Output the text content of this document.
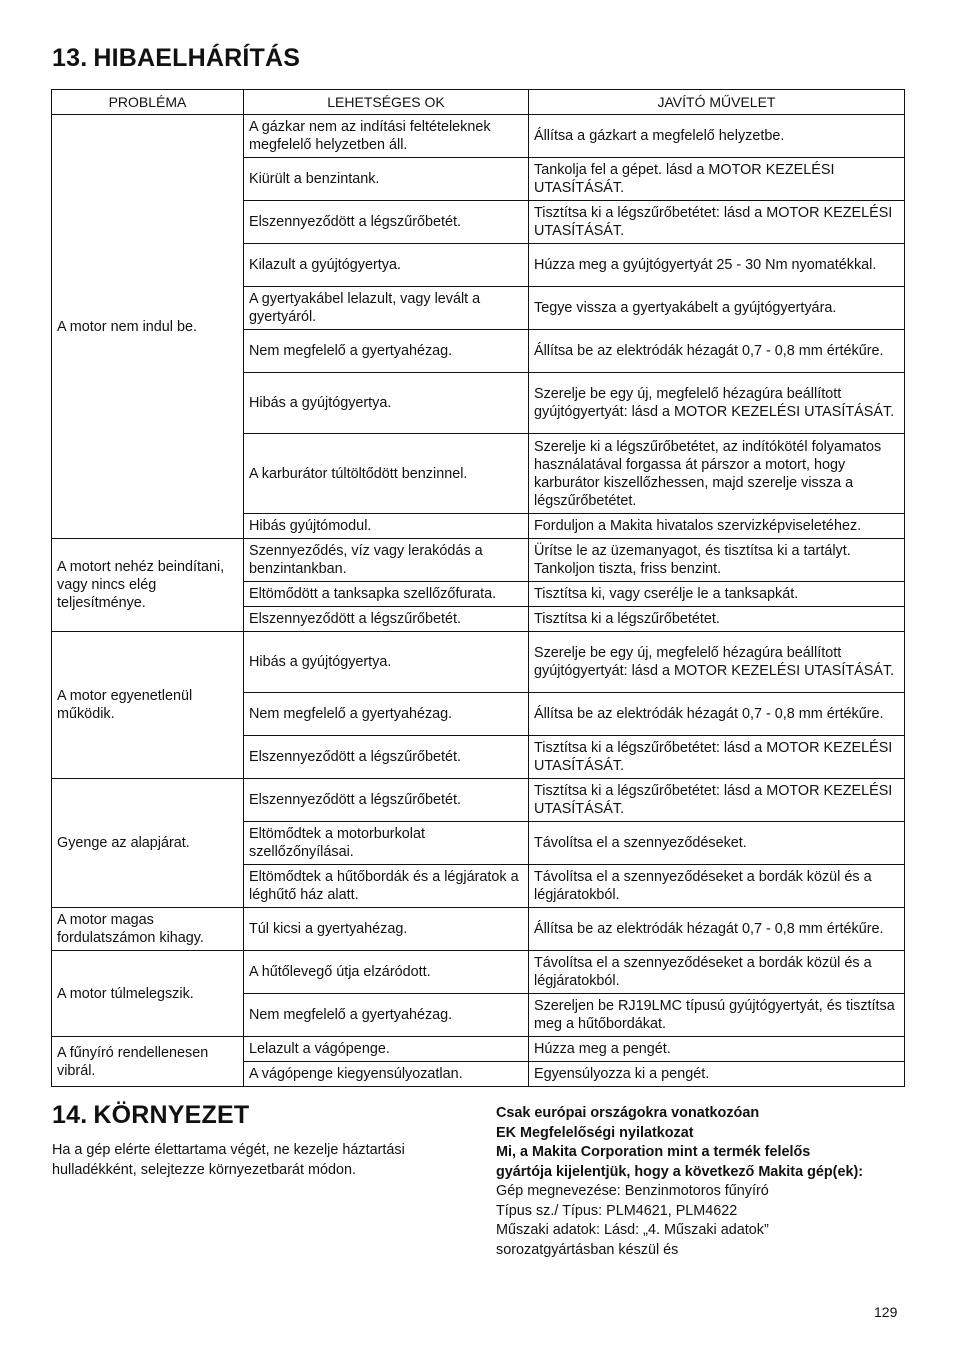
13. HIBAELHÁRÍTÁS
PROBLÉMA	LEHETSÉGES OK	JAVÍTÓ MŰVELET
A motor nem indul be.	A gázkar nem az indítási feltételeknek megfelelő helyzetben áll.	Állítsa a gázkart a megfelelő helyzetbe.
	Kiürült a benzintank.	Tankolja fel a gépet. lásd a MOTOR KEZELÉSI UTASÍTÁSÁT.
	Elszennyeződött a légszűrőbetét.	Tisztítsa ki a légszűrőbetétet: lásd a MOTOR KEZELÉSI UTASÍTÁSÁT.
	Kilazult a gyújtógyertya.	Húzza meg a gyújtógyertyát 25 - 30 Nm nyomatékkal.
	A gyertyakábel lelazult, vagy levált a gyertyáról.	Tegye vissza a gyertyakábelt a gyújtógyertyára.
	Nem megfelelő a gyertyahézag.	Állítsa be az elektródák hézagát 0,7 - 0,8 mm értékűre.
	Hibás a gyújtógyertya.	Szerelje be egy új, megfelelő hézagúra beállított gyújtógyertyát: lásd a MOTOR KEZELÉSI UTASÍTÁSÁT.
	A karburátor túltöltődött benzinnel.	Szerelje ki a légszűrőbetétet, az indítókötél folyamatos használatával forgassa át párszor a motort, hogy karburátor kiszellőzhessen, majd szerelje vissza a légszűrőbetétet.
	Hibás gyújtómodul.	Forduljon a Makita hivatalos szervizképviseletéhez.
A motort nehéz beindítani, vagy nincs elég teljesítménye.	Szennyeződés, víz vagy lerakódás a benzintankban.	Ürítse le az üzemanyagot, és tisztítsa ki a tartályt. Tankoljon tiszta, friss benzint.
	Eltömődött a tanksapka szellőzőfurata.	Tisztítsa ki, vagy cserélje le a tanksapkát.
	Elszennyeződött a légszűrőbetét.	Tisztítsa ki a légszűrőbetétet.
A motor egyenetlenül működik.	Hibás a gyújtógyertya.	Szerelje be egy új, megfelelő hézagúra beállított gyújtógyertyát: lásd a MOTOR KEZELÉSI UTASÍTÁSÁT.
	Nem megfelelő a gyertyahézag.	Állítsa be az elektródák hézagát 0,7 - 0,8 mm értékűre.
	Elszennyeződött a légszűrőbetét.	Tisztítsa ki a légszűrőbetétet: lásd a MOTOR KEZELÉSI UTASÍTÁSÁT.
Gyenge az alapjárat.	Elszennyeződött a légszűrőbetét.	Tisztítsa ki a légszűrőbetétet: lásd a MOTOR KEZELÉSI UTASÍTÁSÁT.
	Eltömődtek a motorburkolat szellőzőnyílásai.	Távolítsa el a szennyeződéseket.
	Eltömődtek a hűtőbordák és a légjáratok a léghűtő ház alatt.	Távolítsa el a szennyeződéseket a bordák közül és a légjáratokból.
A motor magas fordulatszámon kihagy.	Túl kicsi a gyertyahézag.	Állítsa be az elektródák hézagát 0,7 - 0,8 mm értékűre.
A motor túlmelegszik.	A hűtőlevegő útja elzáródott.	Távolítsa el a szennyeződéseket a bordák közül és a légjáratokból.
	Nem megfelelő a gyertyahézag.	Szereljen be RJ19LMC típusú gyújtógyertyát, és tisztítsa meg a hűtőbordákat.
A fűnyíró rendellenesen vibrál.	Lelazult a vágópenge.	Húzza meg a pengét.
	A vágópenge kiegyensúlyozatlan.	Egyensúlyozza ki a pengét.
14. KÖRNYEZET
Ha a gép elérte élettartama végét, ne kezelje háztartási hulladékként, selejtezze környezetbarát módon.
Csak európai országokra vonatkozóan
EK Megfelelőségi nyilatkozat
Mi, a Makita Corporation mint a termék felelős
gyártója kijelentjük, hogy a következő Makita gép(ek):
Gép megnevezése: Benzinmotoros fűnyíró
Típus sz./ Típus: PLM4621, PLM4622
Műszaki adatok: Lásd: „4. Műszaki adatok”
sorozatgyártásban készül és
129
